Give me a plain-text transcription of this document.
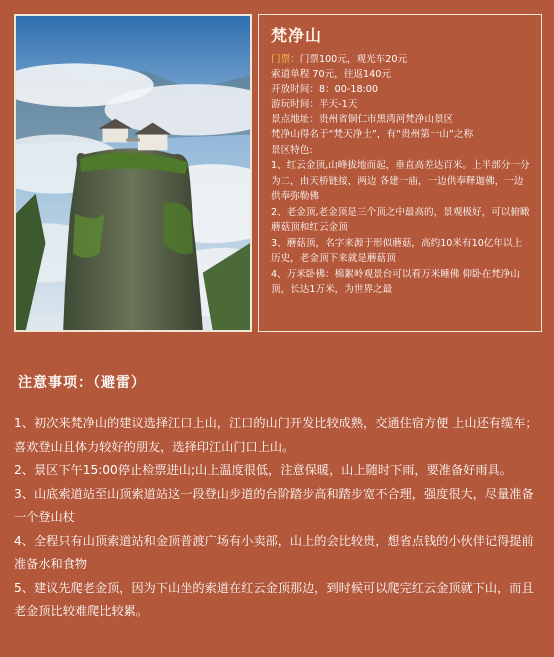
梵净山

门票：门票100元，观光车20元

索道单程 70元，往返140元

开放时间：8：00-18:00

游玩时间：半天-1天

景点地址：贵州省铜仁市黑湾河梵净山景区

梵净山得名于“梵天净土”，有“贵州第一山”之称

景区特色:

1、红云金顶,山峰拔地而起，垂直高差达百米。上半部分一分为二，由天桥链接，两边 各建一庙，一边供奉释迦佛，一边供奉弥勒佛

2、老金顶,老金顶是三个顶之中最高的，景观极好，可以俯瞰蘑菇顶和红云金顶

3、蘑菇顶，名字来源于形似蘑菇，高约10米有10亿年以上历史，老金顶下来就是蘑菇顶

4、万米卧佛：棉絮岭观景台可以看万米睡佛 仰卧在梵净山顶，长达1万米，为世界之最

注意事项：（避雷）

1、初次来梵净山的建议选择江口上山，江口的山门开发比较成熟，交通住宿方便 上山还有缆车；喜欢登山且体力较好的朋友，选择印江山门口上山。

2、景区下午15:00停止检票进山;山上温度很低，注意保暖，山上随时下雨，要准备好雨具。

3、山底索道站至山顶索道站这一段登山步道的台阶踏步高和踏步宽不合理，强度很大，尽量准备一个登山杖

4、全程只有山顶索道站和金顶普渡广场有小卖部，山上的会比较贵，想省点钱的小伙伴记得提前准备水和食物

5、建议先爬老金顶，因为下山坐的索道在红云金顶那边，到时候可以爬完红云金顶就下山，而且老金顶比较难爬比较累。
